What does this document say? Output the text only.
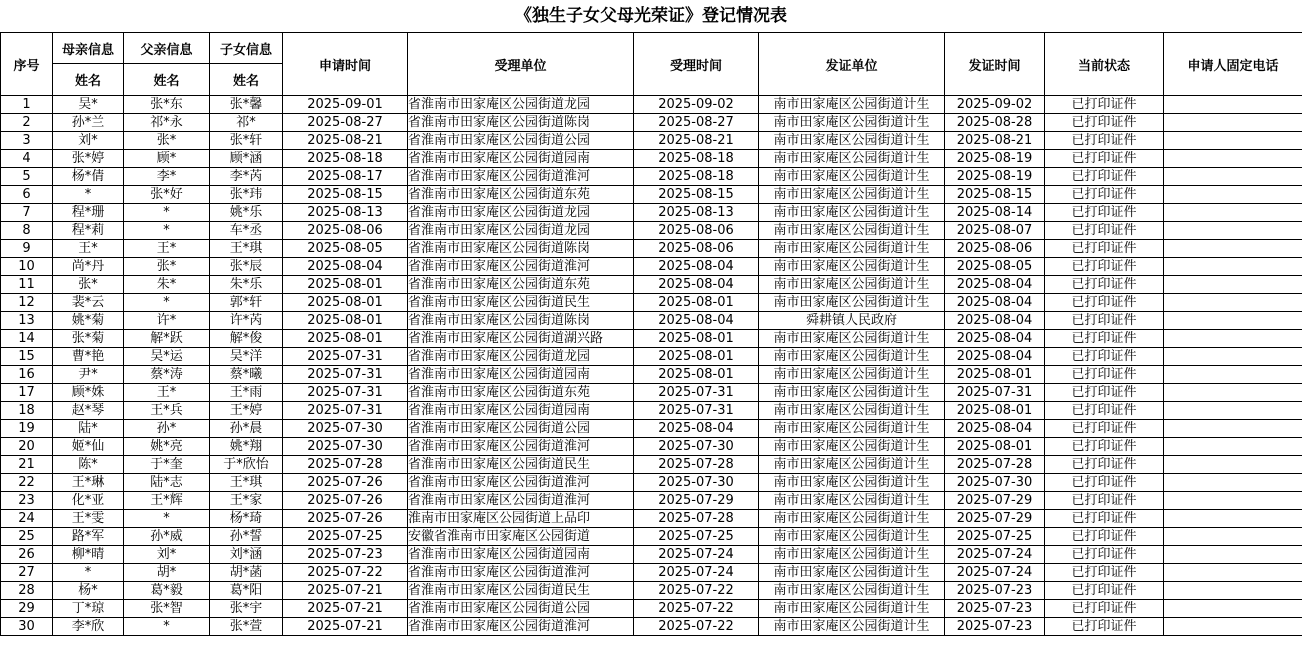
《独生子女父母光荣证》登记情况表
序号	母亲信息	父亲信息	子女信息	申请时间	受理单位	受理时间	发证单位	发证时间	当前状态	申请人固定电话
	姓名	姓名	姓名							
1	吴*	张*东	张*馨	2025-09-01	省淮南市田家庵区公园街道龙园	2025-09-02	南市田家庵区公园街道计生	2025-09-02	已打印证件	
2	孙*兰	祁*永	祁*	2025-08-27	省淮南市田家庵区公园街道陈岗	2025-08-27	南市田家庵区公园街道计生	2025-08-28	已打印证件	
3	刘*	张*	张*轩	2025-08-21	省淮南市田家庵区公园街道公园	2025-08-21	南市田家庵区公园街道计生	2025-08-21	已打印证件	
4	张*婷	顾*	顾*涵	2025-08-18	省淮南市田家庵区公园街道园南	2025-08-18	南市田家庵区公园街道计生	2025-08-19	已打印证件	
5	杨*倩	李*	李*芮	2025-08-17	省淮南市田家庵区公园街道淮河	2025-08-18	南市田家庵区公园街道计生	2025-08-19	已打印证件	
6	*	张*好	张*玮	2025-08-15	省淮南市田家庵区公园街道东苑	2025-08-15	南市田家庵区公园街道计生	2025-08-15	已打印证件	
7	程*珊	*	姚*乐	2025-08-13	省淮南市田家庵区公园街道龙园	2025-08-13	南市田家庵区公园街道计生	2025-08-14	已打印证件	
8	程*莉	*	车*丞	2025-08-06	省淮南市田家庵区公园街道龙园	2025-08-06	南市田家庵区公园街道计生	2025-08-07	已打印证件	
9	王*	王*	王*琪	2025-08-05	省淮南市田家庵区公园街道陈岗	2025-08-06	南市田家庵区公园街道计生	2025-08-06	已打印证件	
10	尚*丹	张*	张*辰	2025-08-04	省淮南市田家庵区公园街道淮河	2025-08-04	南市田家庵区公园街道计生	2025-08-05	已打印证件	
11	张*	朱*	朱*乐	2025-08-01	省淮南市田家庵区公园街道东苑	2025-08-04	南市田家庵区公园街道计生	2025-08-04	已打印证件	
12	裴*云	*	郭*轩	2025-08-01	省淮南市田家庵区公园街道民生	2025-08-01	南市田家庵区公园街道计生	2025-08-04	已打印证件	
13	姚*菊	许*	许*芮	2025-08-01	省淮南市田家庵区公园街道陈岗	2025-08-04	舜耕镇人民政府	2025-08-04	已打印证件	
14	张*菊	解*跃	解*俊	2025-08-01	省淮南市田家庵区公园街道湖兴路	2025-08-01	南市田家庵区公园街道计生	2025-08-04	已打印证件	
15	曹*艳	吴*运	吴*洋	2025-07-31	省淮南市田家庵区公园街道龙园	2025-08-01	南市田家庵区公园街道计生	2025-08-04	已打印证件	
16	尹*	蔡*涛	蔡*曦	2025-07-31	省淮南市田家庵区公园街道园南	2025-08-01	南市田家庵区公园街道计生	2025-08-01	已打印证件	
17	顾*姝	王*	王*雨	2025-07-31	省淮南市田家庵区公园街道东苑	2025-07-31	南市田家庵区公园街道计生	2025-07-31	已打印证件	
18	赵*琴	王*兵	王*婷	2025-07-31	省淮南市田家庵区公园街道园南	2025-07-31	南市田家庵区公园街道计生	2025-08-01	已打印证件	
19	陆*	孙*	孙*晨	2025-07-30	省淮南市田家庵区公园街道公园	2025-08-04	南市田家庵区公园街道计生	2025-08-04	已打印证件	
20	姬*仙	姚*亮	姚*翔	2025-07-30	省淮南市田家庵区公园街道淮河	2025-07-30	南市田家庵区公园街道计生	2025-08-01	已打印证件	
21	陈*	于*奎	于*欣怡	2025-07-28	省淮南市田家庵区公园街道民生	2025-07-28	南市田家庵区公园街道计生	2025-07-28	已打印证件	
22	王*琳	陆*志	王*琪	2025-07-26	省淮南市田家庵区公园街道淮河	2025-07-30	南市田家庵区公园街道计生	2025-07-30	已打印证件	
23	化*亚	王*辉	王*家	2025-07-26	省淮南市田家庵区公园街道淮河	2025-07-29	南市田家庵区公园街道计生	2025-07-29	已打印证件	
24	王*雯	*	杨*琦	2025-07-26	淮南市田家庵区公园街道上品印	2025-07-28	南市田家庵区公园街道计生	2025-07-29	已打印证件	
25	路*军	孙*威	孙*誓	2025-07-25	安徽省淮南市田家庵区公园街道	2025-07-25	南市田家庵区公园街道计生	2025-07-25	已打印证件	
26	柳*晴	刘*	刘*涵	2025-07-23	省淮南市田家庵区公园街道园南	2025-07-24	南市田家庵区公园街道计生	2025-07-24	已打印证件	
27	*	胡*	胡*菡	2025-07-22	省淮南市田家庵区公园街道淮河	2025-07-24	南市田家庵区公园街道计生	2025-07-24	已打印证件	
28	杨*	葛*毅	葛*阳	2025-07-21	省淮南市田家庵区公园街道民生	2025-07-22	南市田家庵区公园街道计生	2025-07-23	已打印证件	
29	丁*琼	张*智	张*宇	2025-07-21	省淮南市田家庵区公园街道公园	2025-07-22	南市田家庵区公园街道计生	2025-07-23	已打印证件	
30	李*欣	*	张*萱	2025-07-21	省淮南市田家庵区公园街道淮河	2025-07-22	南市田家庵区公园街道计生	2025-07-23	已打印证件	
